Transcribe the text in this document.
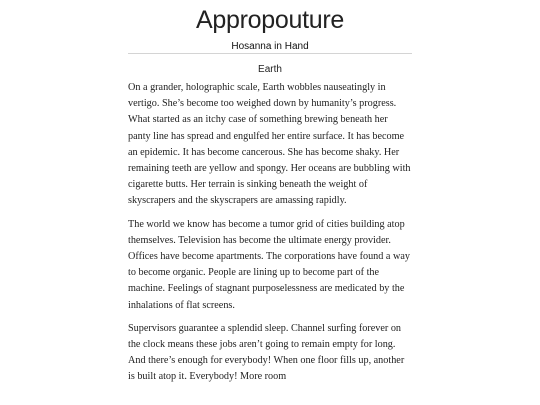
Appropouture
Hosanna in Hand
Earth

On a grander, holographic scale, Earth wobbles nauseatingly in vertigo. She’s become too weighed down by humanity’s progress. What started as an itchy case of something brewing beneath her panty line has spread and engulfed her entire surface. It has become an epidemic. It has become cancerous. She has become shaky. Her remaining teeth are yellow and spongy. Her oceans are bubbling with cigarette butts. Her terrain is sinking beneath the weight of skyscrapers and the skyscrapers are amassing rapidly.

The world we know has become a tumor grid of cities building atop themselves. Television has become the ultimate energy provider. Offices have become apartments. The corporations have found a way to become organic. People are lining up to become part of the machine. Feelings of stagnant purposelessness are medicated by the inhalations of flat screens.

Supervisors guarantee a splendid sleep. Channel surfing forever on the clock means these jobs aren’t going to remain empty for long. And there’s enough for everybody! When one floor fills up, another is built atop it. Everybody! More room
